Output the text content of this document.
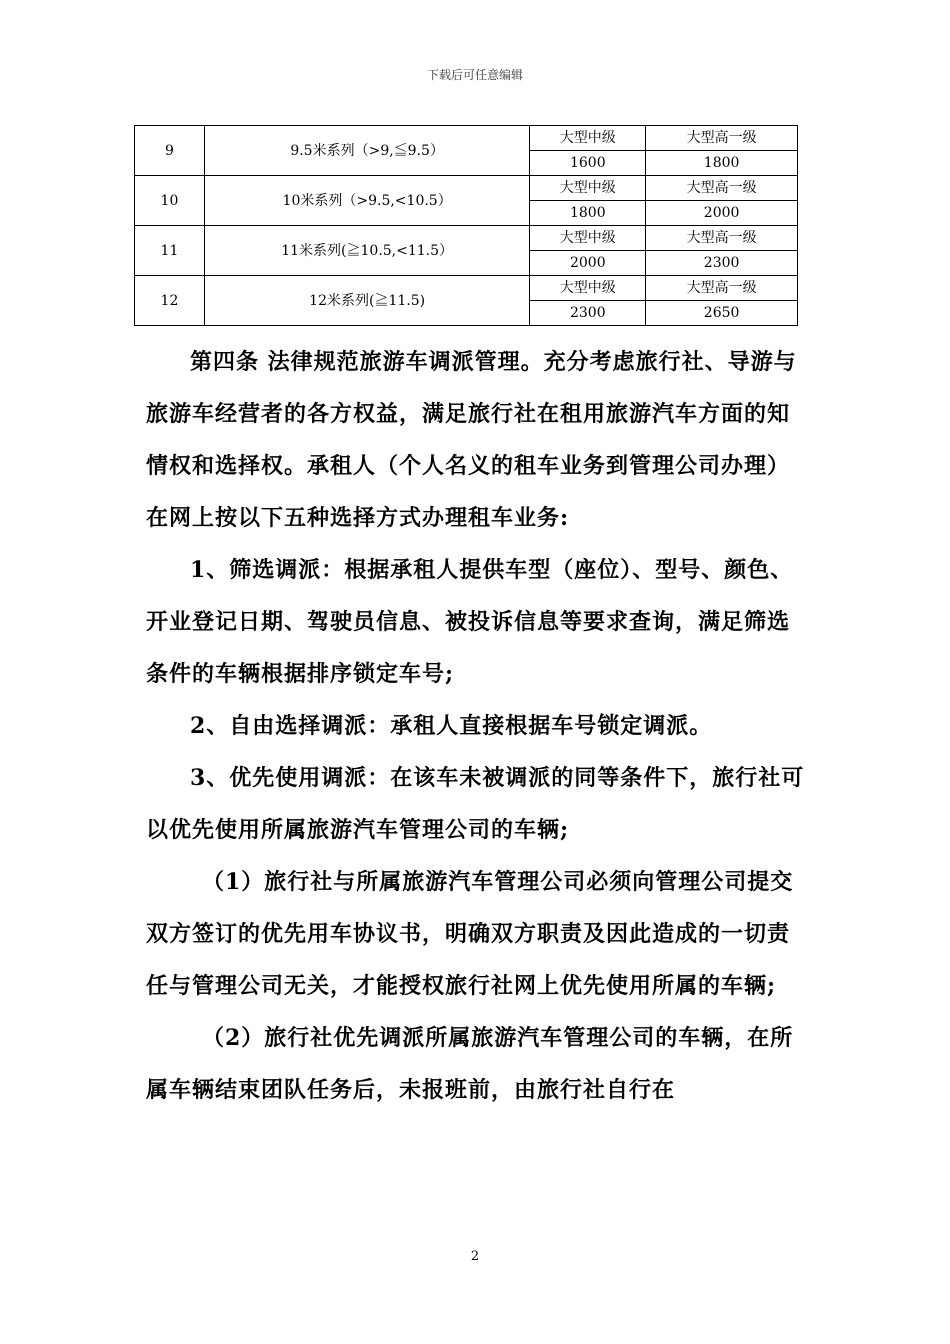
下载后可任意编辑
9	9.5米系列（>9,≦9.5）	大型中级	大型高一级
		1600	1800
10	10米系列（>9.5,<10.5）	大型中级	大型高一级
		1800	2000
11	11米系列(≧10.5,<11.5）	大型中级	大型高一级
		2000	2300
12	12米系列(≧11.5)	大型中级	大型高一级
		2300	2650

第四条 法律规范旅游车调派管理。充分考虑旅行社、导游与旅游车经营者的各方权益，满足旅行社在租用旅游汽车方面的知情权和选择权。承租人（个人名义的租车业务到管理公司办理）在网上按以下五种选择方式办理租车业务:

1、筛选调派：根据承租人提供车型（座位）、型号、颜色、开业登记日期、驾驶员信息、被投诉信息等要求查询，满足筛选条件的车辆根据排序锁定车号;

2、自由选择调派：承租人直接根据车号锁定调派。

3、优先使用调派：在该车未被调派的同等条件下，旅行社可以优先使用所属旅游汽车管理公司的车辆;

（1）旅行社与所属旅游汽车管理公司必须向管理公司提交双方签订的优先用车协议书，明确双方职责及因此造成的一切责任与管理公司无关，才能授权旅行社网上优先使用所属的车辆;

（2）旅行社优先调派所属旅游汽车管理公司的车辆，在所属车辆结束团队任务后，未报班前，由旅行社自行在

2
